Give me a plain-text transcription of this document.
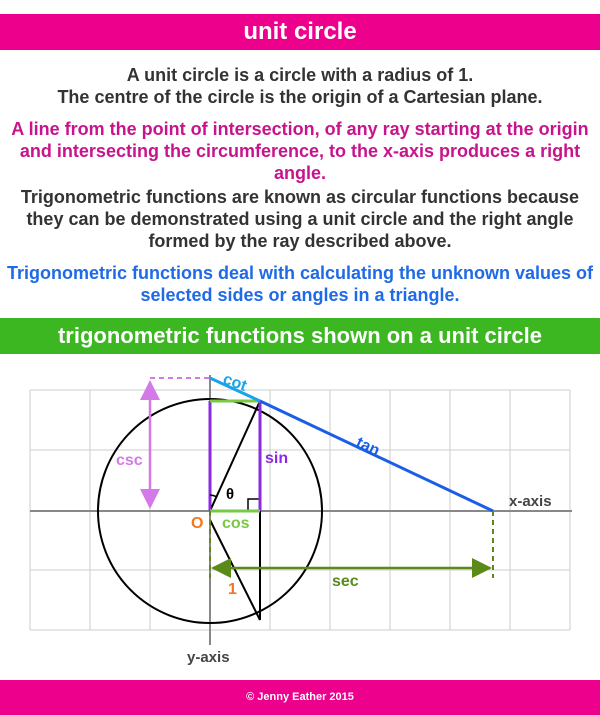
unit circle
A unit circle is a circle with a radius of 1.
The centre of the circle is the origin of a Cartesian plane.
A line from the point of intersection, of any ray starting at the origin and intersecting the circumference, to the x-axis produces a right angle.
Trigonometric functions are known as circular functions because they can be demonstrated using a unit circle and the right angle formed by the ray described above.
Trigonometric functions deal with calculating the unknown values of selected sides or angles in a triangle.
trigonometric functions shown on a unit circle
cot
tan
csc	sin
θ
O cos
1	sec
x-axis
y-axis
© Jenny Eather 2015
